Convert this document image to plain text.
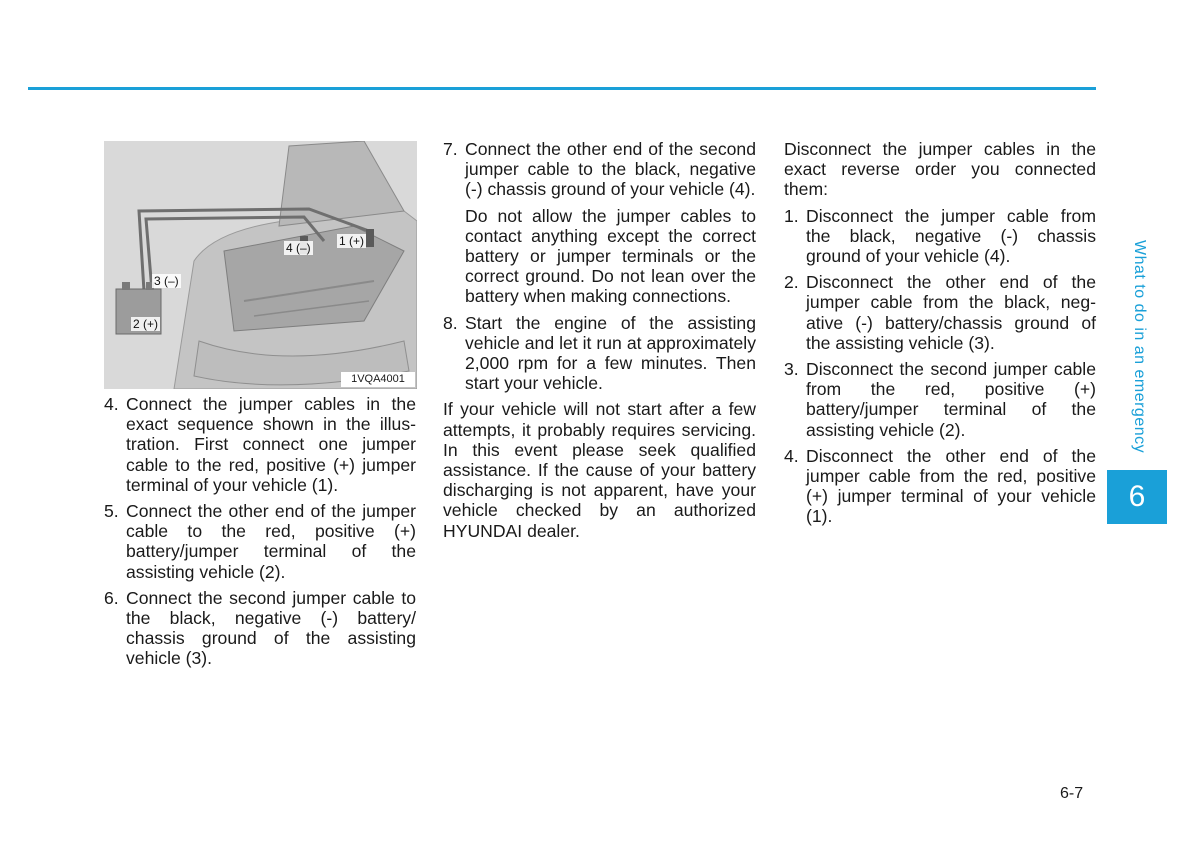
What to do in an emergency
6
4 (–) 1 (+)
3 (–)
2 (+)
1VQA4001
4. Connect the jumper cables in the exact sequence shown in the illustration. First connect one jumper cable to the red, positive (+) jumper terminal of your vehicle (1).
5. Connect the other end of the jumper cable to the red, positive (+) battery/jumper terminal of the assisting vehicle (2).
6. Connect the second jumper cable to the black, negative (-) battery/ chassis ground of the assisting vehicle (3).
7. Connect the other end of the second jumper cable to the black, negative (-) chassis ground of your vehicle (4).
Do not allow the jumper cables to contact anything except the correct battery or jumper terminals or the correct ground. Do not lean over the battery when making connections.
8. Start the engine of the assisting vehicle and let it run at approximately 2,000 rpm for a few minutes. Then start your vehicle.
If your vehicle will not start after a few attempts, it probably requires servicing. In this event please seek qualified assistance. If the cause of your battery discharging is not apparent, have your vehicle checked by an authorized HYUNDAI dealer.
Disconnect the jumper cables in the exact reverse order you connected them:
1. Disconnect the jumper cable from the black, negative (-) chassis ground of your vehicle (4).
2. Disconnect the other end of the jumper cable from the black, negative (-) battery/chassis ground of the assisting vehicle (3).
3. Disconnect the second jumper cable from the red, positive (+) battery/jumper terminal of the assisting vehicle (2).
4. Disconnect the other end of the jumper cable from the red, positive (+) jumper terminal of your vehicle (1).
6-7
